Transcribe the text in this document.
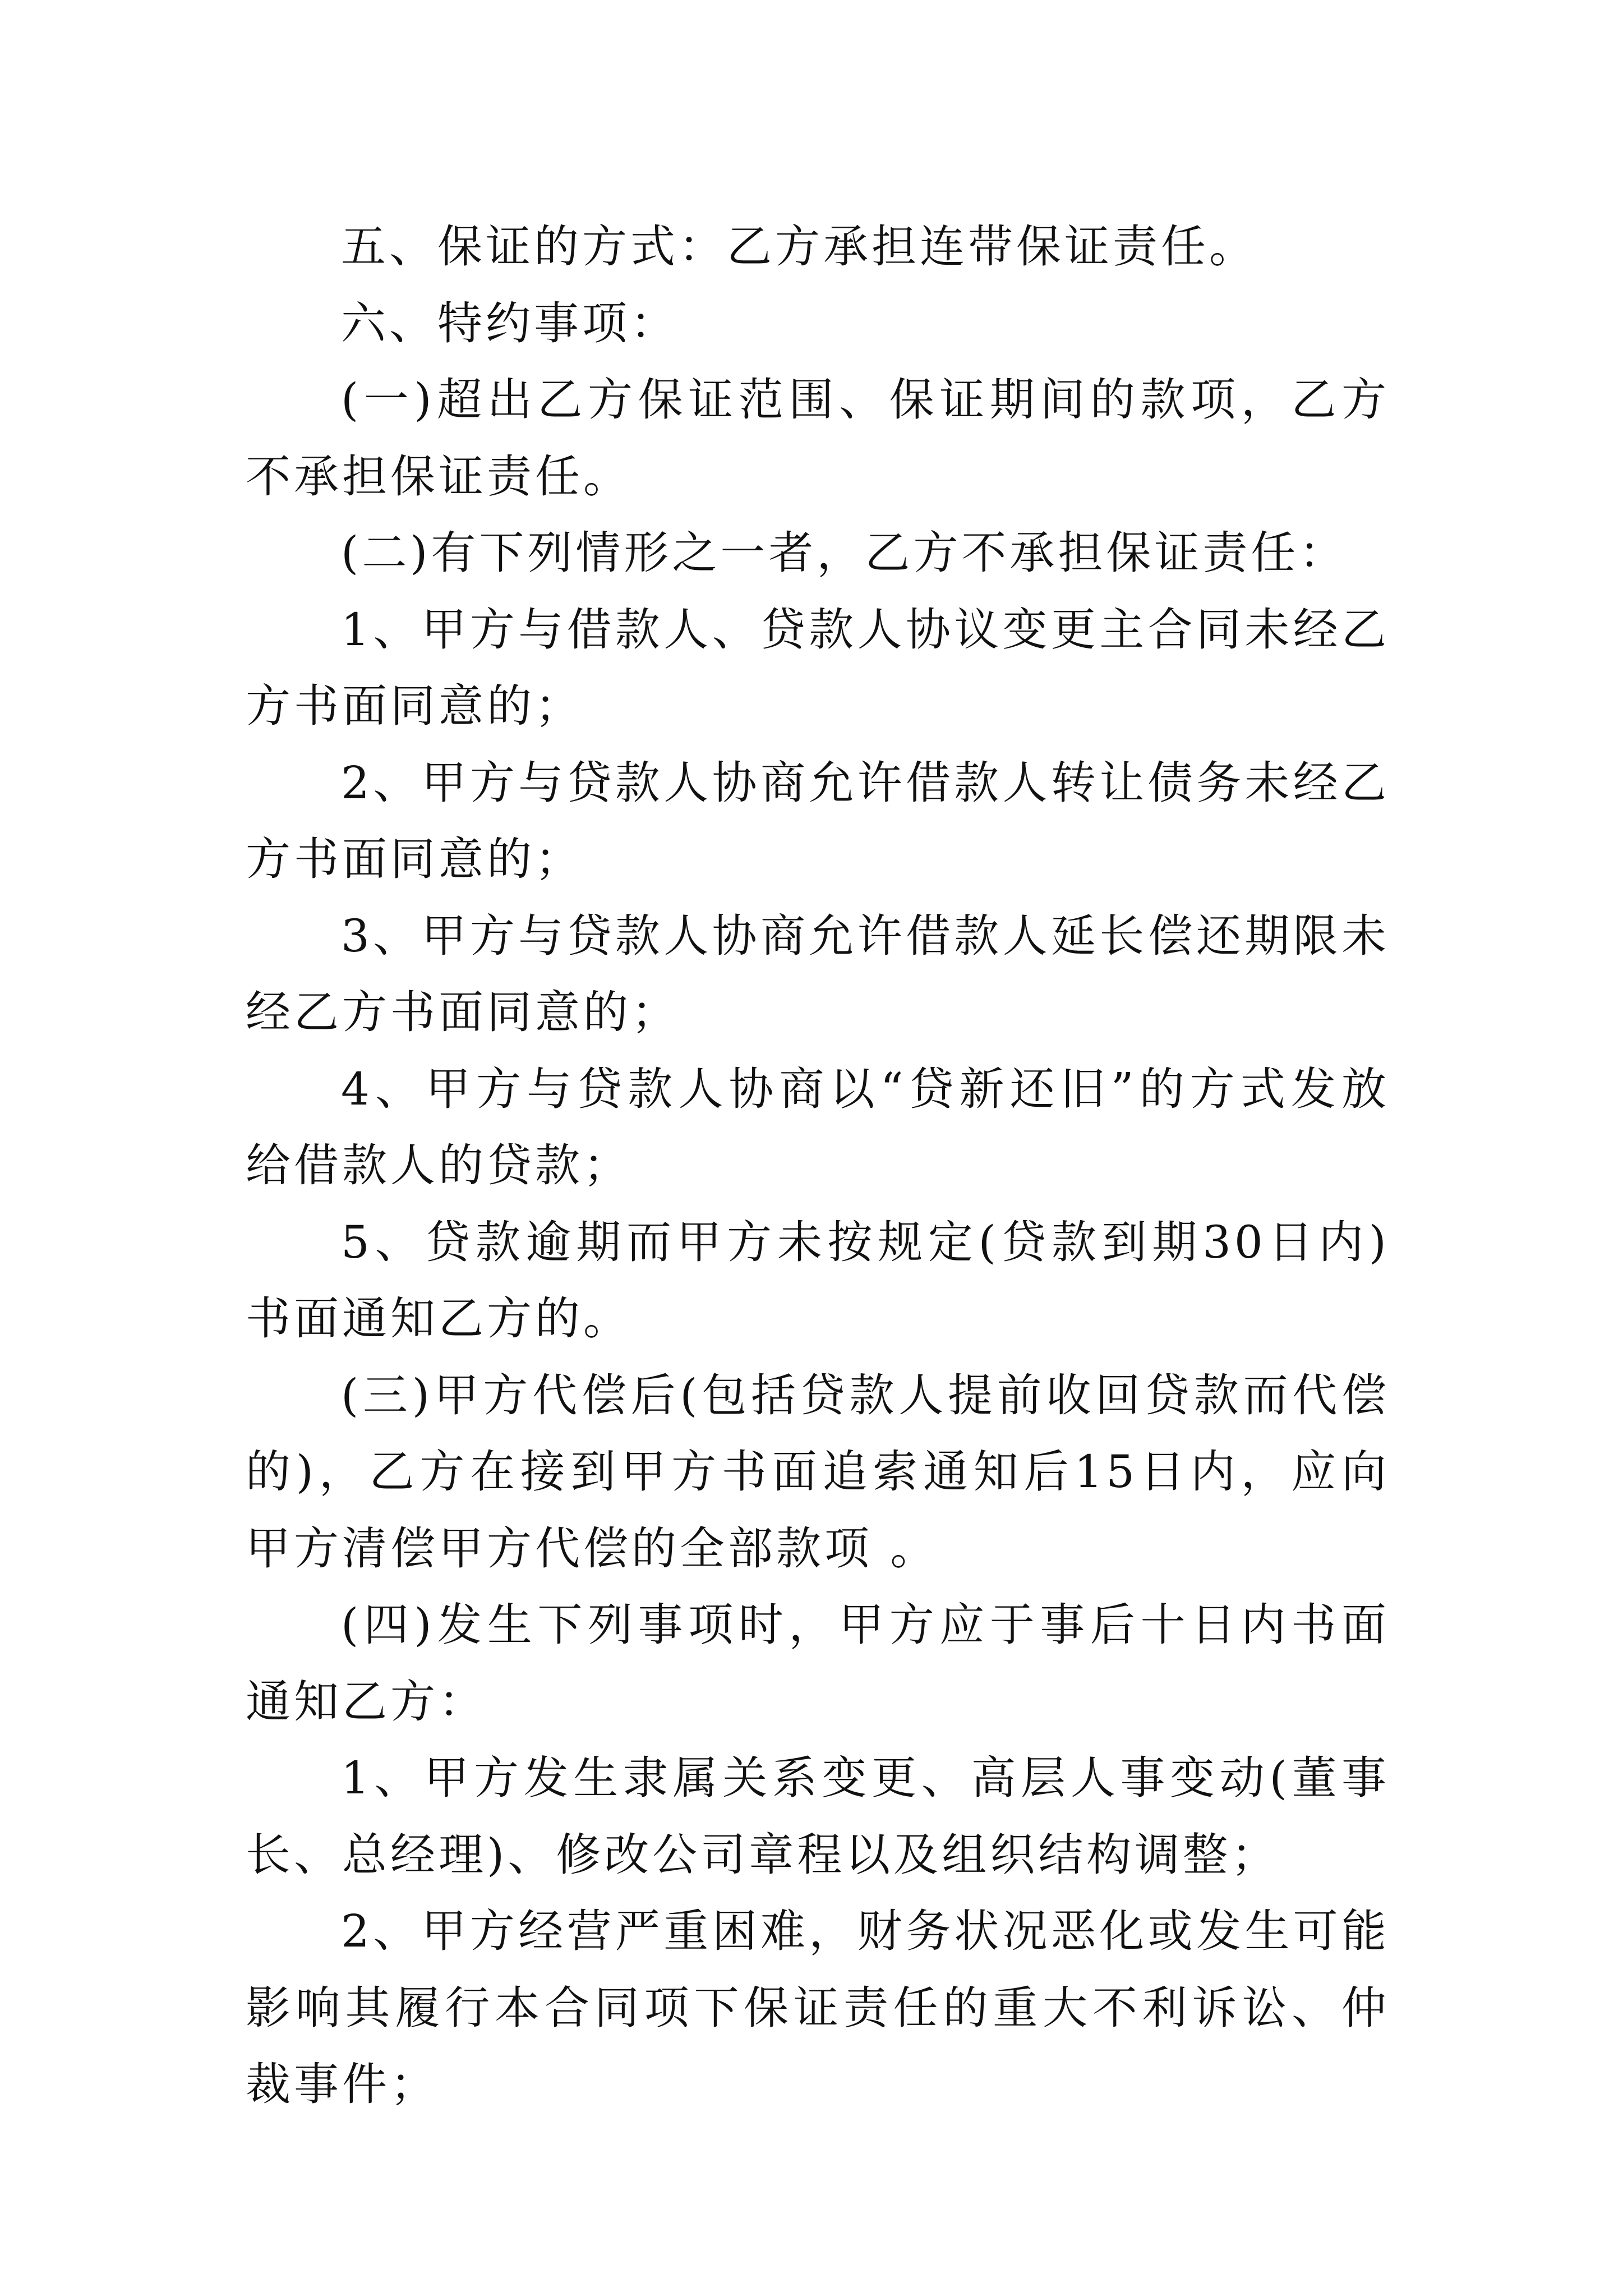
五、保证的方式：乙方承担连带保证责任。

六、特约事项：

(一)超出乙方保证范围、保证期间的款项，乙方不承担保证责任。

(二)有下列情形之一者，乙方不承担保证责任：

1、甲方与借款人、贷款人协议变更主合同未经乙方书面同意的；

2、甲方与贷款人协商允许借款人转让债务未经乙方书面同意的；

3、甲方与贷款人协商允许借款人延长偿还期限未经乙方书面同意的；

4、甲方与贷款人协商以“贷新还旧”的方式发放给借款人的贷款；

5、贷款逾期而甲方未按规定(贷款到期30日内)书面通知乙方的。

(三)甲方代偿后(包括贷款人提前收回贷款而代偿的)，乙方在接到甲方书面追索通知后15日内，应向甲方清偿甲方代偿的全部款项 。

(四)发生下列事项时，甲方应于事后十日内书面通知乙方：

1、甲方发生隶属关系变更、高层人事变动(董事长、总经理)、修改公司章程以及组织结构调整；

2、甲方经营严重困难，财务状况恶化或发生可能影响其履行本合同项下保证责任的重大不利诉讼、仲裁事件；
